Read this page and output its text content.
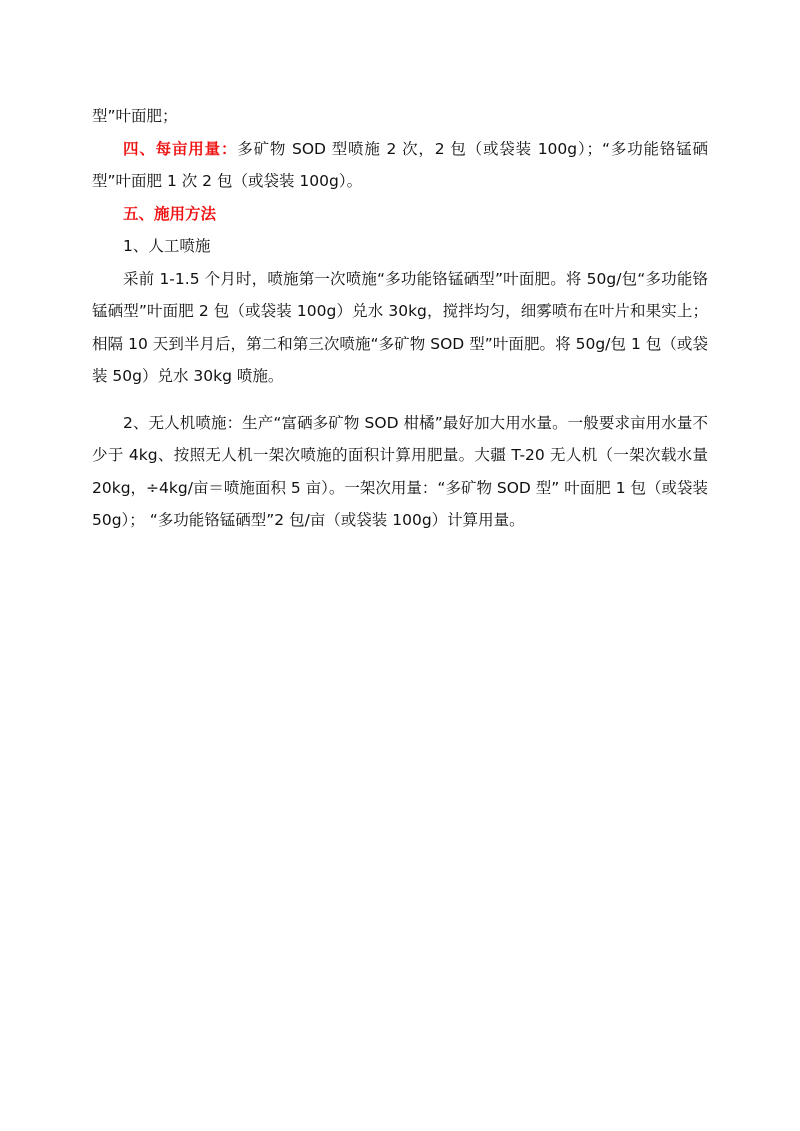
型”叶面肥；

四、每亩用量：多矿物 SOD 型喷施 2 次，2 包（或袋装 100g）；“多功能铬锰硒型”叶面肥 1 次 2 包（或袋装 100g）。

五、施用方法

1、人工喷施

采前 1-1.5 个月时，喷施第一次喷施“多功能铬锰硒型”叶面肥。将 50g/包“多功能铬锰硒型”叶面肥 2 包（或袋装 100g）兑水 30kg，搅拌均匀，细雾喷布在叶片和果实上；相隔 10 天到半月后，第二和第三次喷施“多矿物 SOD 型”叶面肥。将 50g/包 1 包（或袋装 50g）兑水 30kg 喷施。

2、无人机喷施：生产“富硒多矿物 SOD 柑橘”最好加大用水量。一般要求亩用水量不少于 4kg、按照无人机一架次喷施的面积计算用肥量。大疆 T-20 无人机（一架次载水量 20kg，÷4kg/亩＝喷施面积 5 亩）。一架次用量：“多矿物 SOD 型” 叶面肥 1 包（或袋装 50g）； “多功能铬锰硒型”2 包/亩（或袋装 100g）计算用量。
